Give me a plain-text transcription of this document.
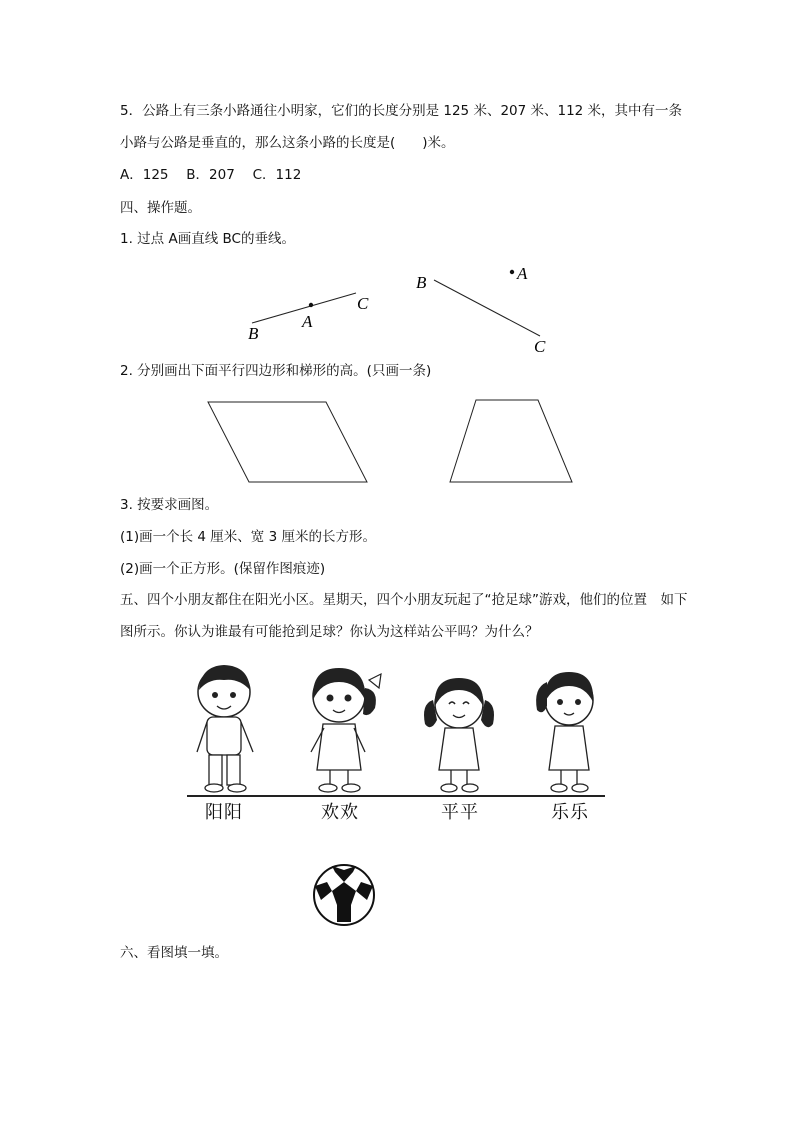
5．公路上有三条小路通往小明家，它们的长度分别是 125 米、207 米、112 米，其中有一条
小路与公路是垂直的，那么这条小路的长度是(　　)米。
A．125　 B．207　 C．112
四、操作题。
1. 过点 A画直线 BC的垂线。
B
A
C
B	A
C
2. 分别画出下面平行四边形和梯形的高。(只画一条)
3. 按要求画图。
(1)画一个长 4 厘米、宽 3 厘米的长方形。
(2)画一个正方形。(保留作图痕迹)
五、四个小朋友都住在阳光小区。星期天，四个小朋友玩起了“抢足球”游戏，他们的位置　如下
图所示。你认为谁最有可能抢到足球？你认为这样站公平吗？为什么？
阳阳	欢欢	平平	乐乐
六、看图填一填。
